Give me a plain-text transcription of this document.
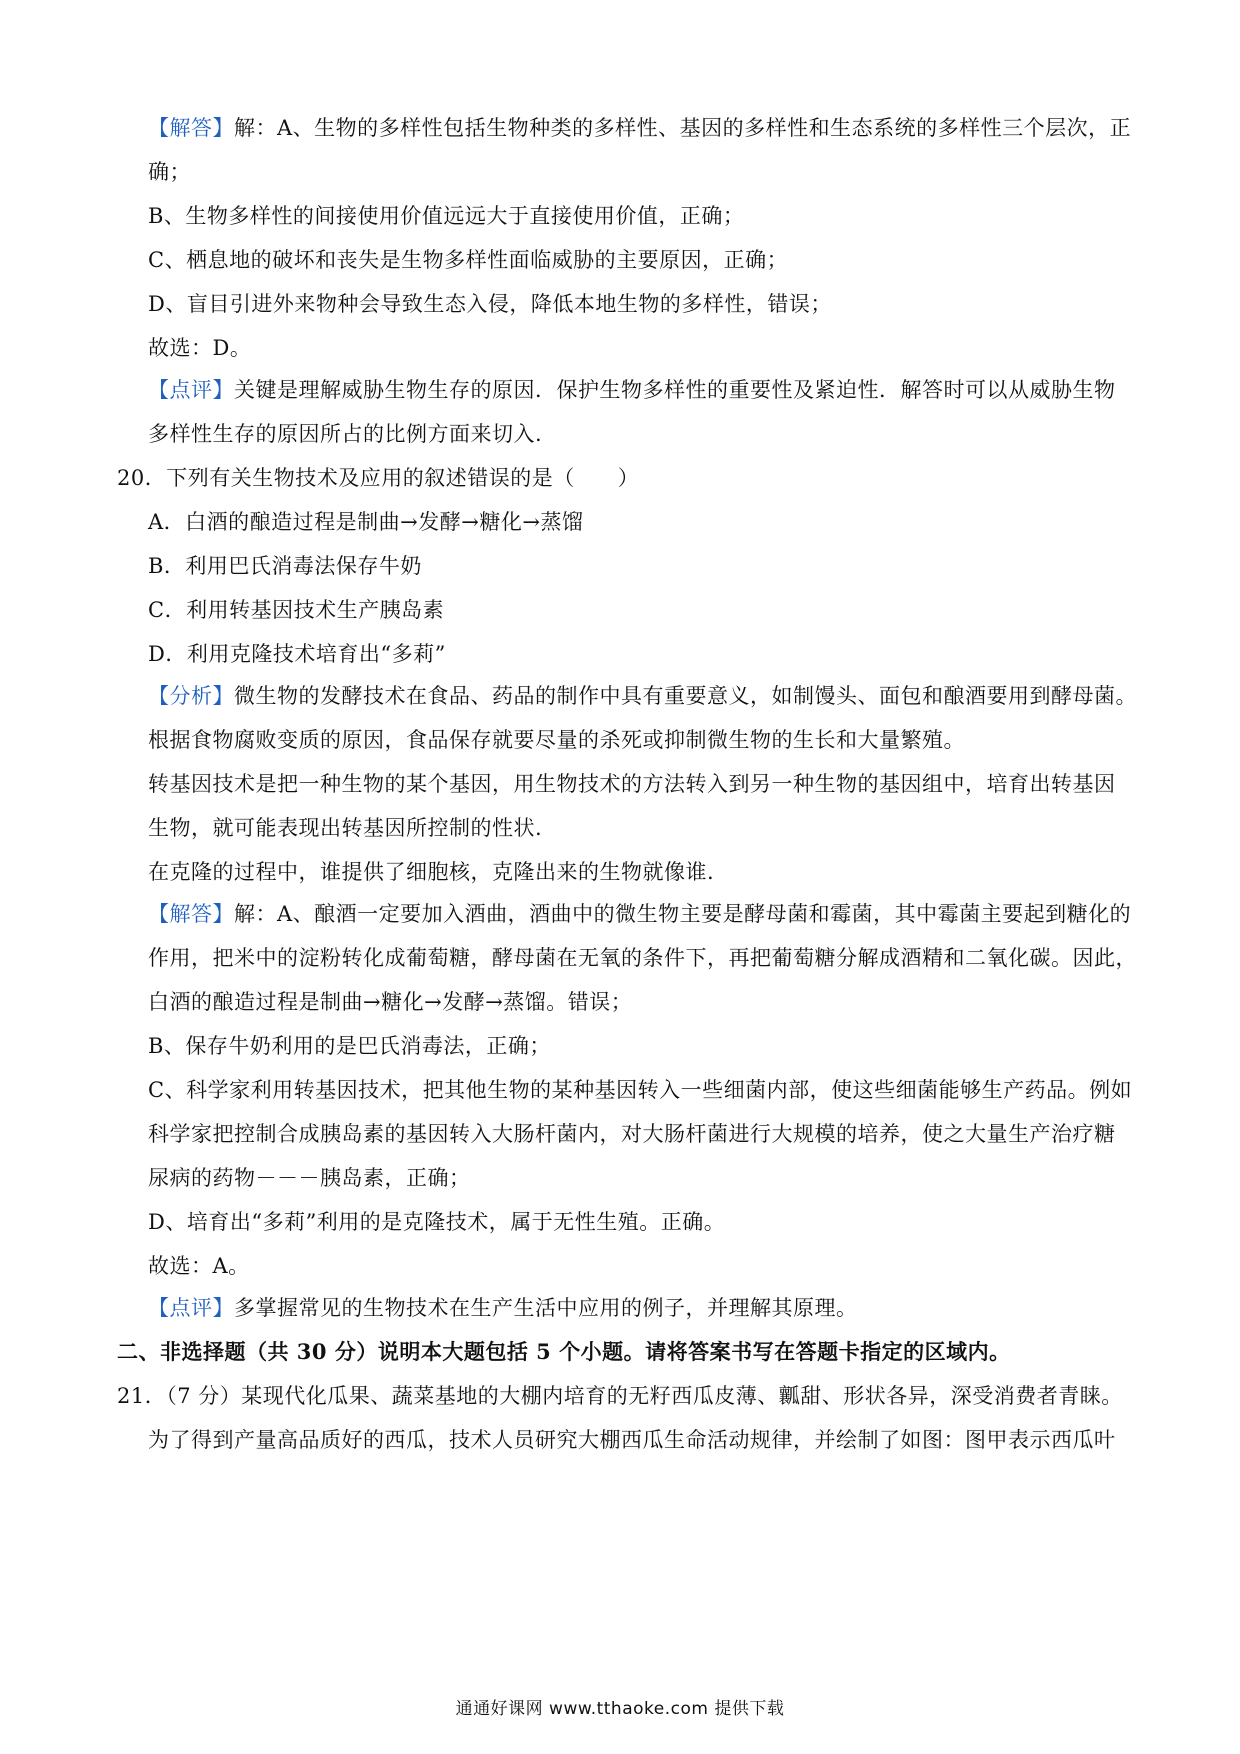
【解答】解：A、生物的多样性包括生物种类的多样性、基因的多样性和生态系统的多样性三个层次，正
确；
B、生物多样性的间接使用价值远远大于直接使用价值，正确；
C、栖息地的破坏和丧失是生物多样性面临威胁的主要原因，正确；
D、盲目引进外来物种会导致生态入侵，降低本地生物的多样性，错误；
故选：D。
【点评】关键是理解威胁生物生存的原因．保护生物多样性的重要性及紧迫性．解答时可以从威胁生物
多样性生存的原因所占的比例方面来切入.
20．下列有关生物技术及应用的叙述错误的是（　　）
A．白酒的酿造过程是制曲→发酵→糖化→蒸馏
B．利用巴氏消毒法保存牛奶
C．利用转基因技术生产胰岛素
D．利用克隆技术培育出“多莉”
【分析】微生物的发酵技术在食品、药品的制作中具有重要意义，如制馒头、面包和酿酒要用到酵母菌。
根据食物腐败变质的原因，食品保存就要尽量的杀死或抑制微生物的生长和大量繁殖。
转基因技术是把一种生物的某个基因，用生物技术的方法转入到另一种生物的基因组中，培育出转基因
生物，就可能表现出转基因所控制的性状.
在克隆的过程中，谁提供了细胞核，克隆出来的生物就像谁.
【解答】解：A、酿酒一定要加入酒曲，酒曲中的微生物主要是酵母菌和霉菌，其中霉菌主要起到糖化的
作用，把米中的淀粉转化成葡萄糖，酵母菌在无氧的条件下，再把葡萄糖分解成酒精和二氧化碳。因此，
白酒的酿造过程是制曲→糖化→发酵→蒸馏。错误；
B、保存牛奶利用的是巴氏消毒法，正确；
C、科学家利用转基因技术，把其他生物的某种基因转入一些细菌内部，使这些细菌能够生产药品。例如
科学家把控制合成胰岛素的基因转入大肠杆菌内，对大肠杆菌进行大规模的培养，使之大量生产治疗糖
尿病的药物－－－胰岛素，正确；
D、培育出“多莉”利用的是克隆技术，属于无性生殖。正确。
故选：A。
【点评】多掌握常见的生物技术在生产生活中应用的例子，并理解其原理。
二、非选择题（共 30 分）说明本大题包括 5 个小题。请将答案书写在答题卡指定的区域内。
21．（7 分）某现代化瓜果、蔬菜基地的大棚内培育的无籽西瓜皮薄、瓤甜、形状各异，深受消费者青睐。
为了得到产量高品质好的西瓜，技术人员研究大棚西瓜生命活动规律，并绘制了如图：图甲表示西瓜叶
通通好课网 www.tthaoke.com 提供下载
